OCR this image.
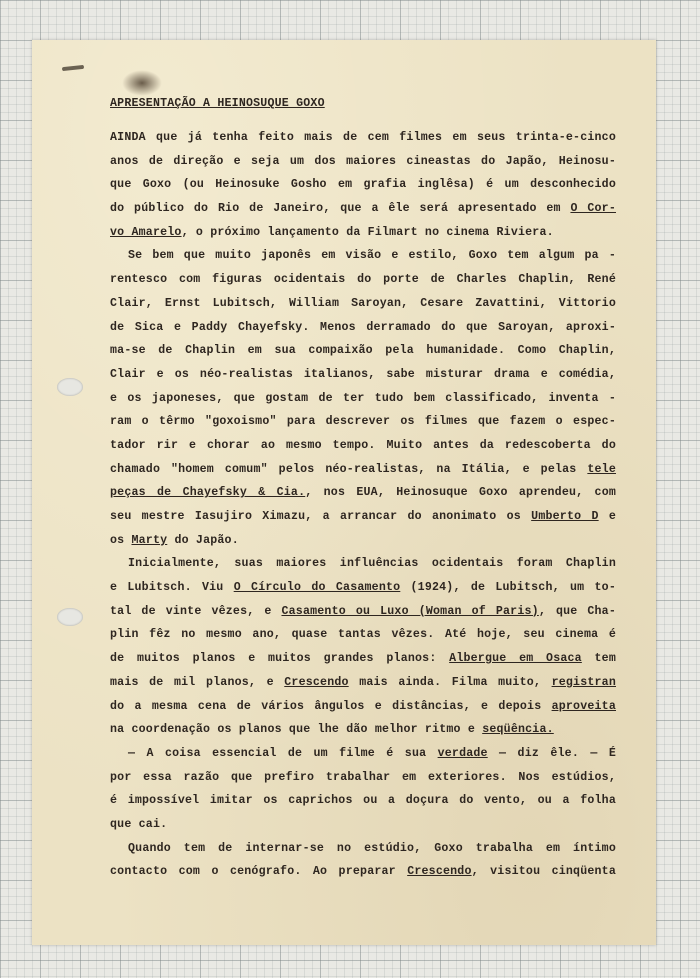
APRESENTAÇÃO A HEINOSUQUE GOXO
AINDA que já tenha feito mais de cem filmes em seus trinta-e-cinco
anos de direção e seja um dos maiores cineastas do Japão, Heinosu-
que Goxo (ou Heinosuke Gosho em grafia inglêsa) é um desconhecido
do público do Rio de Janeiro, que a êle será apresentado em O Cor-
vo Amarelo, o próximo lançamento da Filmart no cinema Riviera.
Se bem que muito japonês em visão e estilo, Goxo tem algum pa -
rentesco com figuras ocidentais do porte de Charles Chaplin, René
Clair, Ernst Lubitsch, William Saroyan, Cesare Zavattini, Vittorio
de Sica e Paddy Chayefsky. Menos derramado do que Saroyan, aproxi-
ma-se de Chaplin em sua compaixão pela humanidade. Como Chaplin,
Clair e os néo-realistas italianos, sabe misturar drama e comédia,
e os japoneses, que gostam de ter tudo bem classificado, inventa -
ram o têrmo "goxoismo" para descrever os filmes que fazem o espec-
tador rir e chorar ao mesmo tempo. Muito antes da redescoberta do
chamado "homem comum" pelos néo-realistas, na Itália, e pelas tele
peças de Chayefsky & Cia., nos EUA, Heinosuque Goxo aprendeu, com
seu mestre Iasujiro Ximazu, a arrancar do anonimato os Umberto D e
os Marty do Japão.
Inicialmente, suas maiores influências ocidentais foram Chaplin
e Lubitsch. Viu O Círculo do Casamento (1924), de Lubitsch, um to-
tal de vinte vêzes, e Casamento ou Luxo (Woman of Paris), que Cha-
plin fêz no mesmo ano, quase tantas vêzes. Até hoje, seu cinema é
de muitos planos e muitos grandes planos: Albergue em Osaca tem
mais de mil planos, e Crescendo mais ainda. Filma muito, registran
do a mesma cena de vários ângulos e distâncias, e depois aproveita
na coordenação os planos que lhe dão melhor ritmo e seqüência.
— A coisa essencial de um filme é sua verdade — diz êle. — É
por essa razão que prefiro trabalhar em exteriores. Nos estúdios,
é impossível imitar os caprichos ou a doçura do vento, ou a folha
que cai.
Quando tem de internar-se no estúdio, Goxo trabalha em íntimo
contacto com o cenógrafo. Ao preparar Crescendo, visitou cinqüenta
